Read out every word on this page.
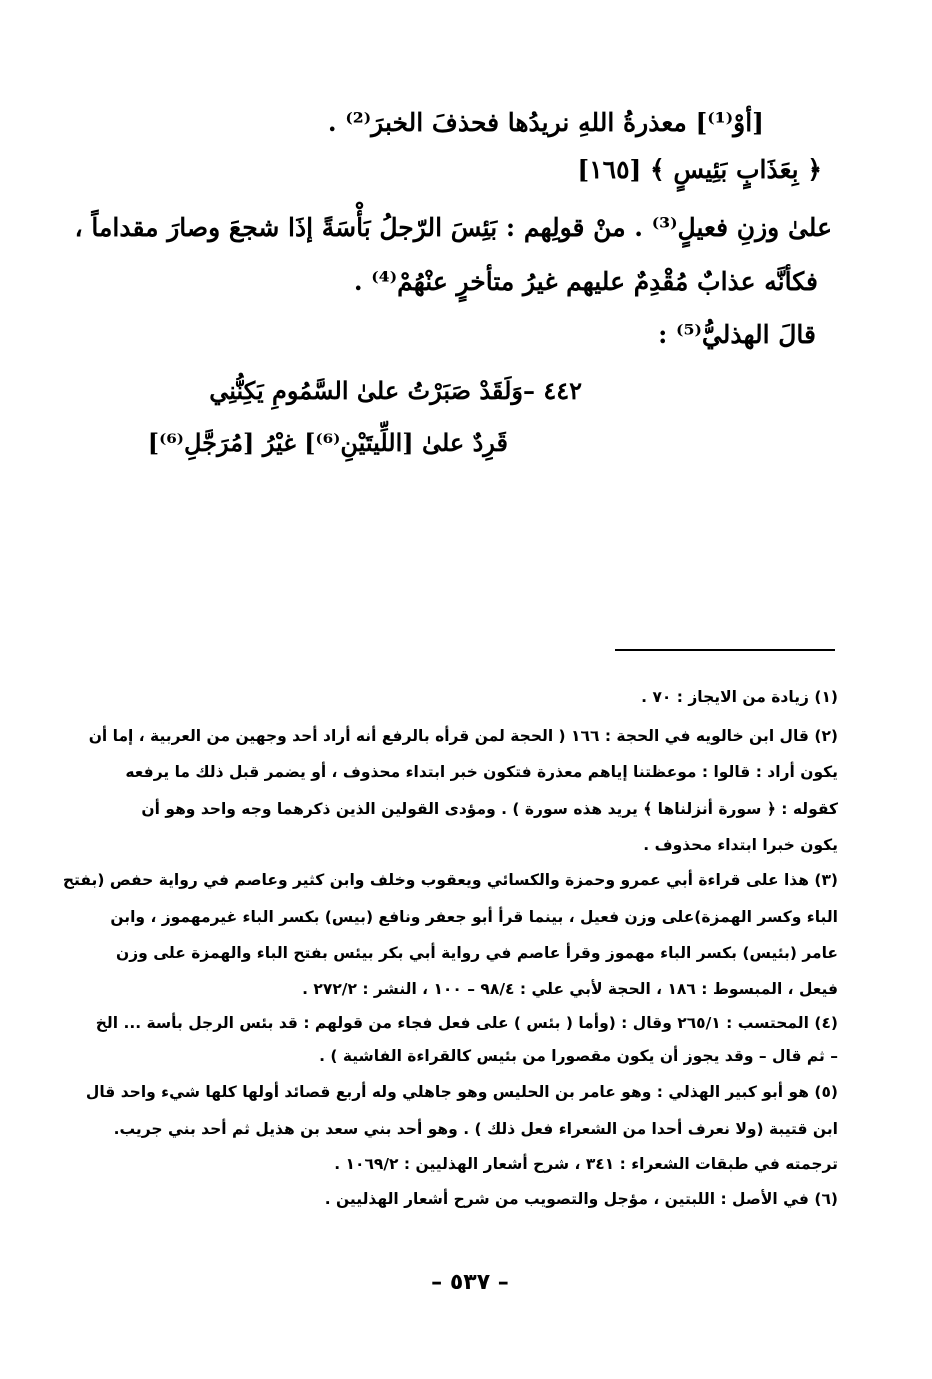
[أوْ⁽¹⁾] معذرةُ اللهِ نريدُها فحذفَ الخبرَ⁽²⁾ .
﴿ بِعَذَابٍ بَئِيسٍ ﴾ [١٦٥]
علىٰ وزنِ فعيلٍ⁽³⁾ . منْ قولِهم : بَئِسَ الرّجلُ بَأْسَةً إذَا شجعَ وصارَ مقداماً ،
فكأنَّه عذابٌ مُقْدِمٌ عليهم غيرُ متأخرٍ عنْهُمْ⁽⁴⁾ .
قالَ الهذليُّ⁽⁵⁾ :
٤٤٢ –وَلَقَدْ صَبَرْتُ علىٰ السَّمُومِ يَكِنُّنِي
قَرِدٌ علىٰ [اللِّيتَيْنِ⁽⁶⁾] غيْرُ [مُرَجَّلِ⁽⁶⁾]
(١) زيادة من الايجاز : ٧٠ .
(٢) قال ابن خالويه في الحجة : ١٦٦ ( الحجة لمن قرأه بالرفع أنه أراد أحد وجهين من العربية ، إما أن
يكون أراد : قالوا : موعظتنا إياهم معذرة فتكون خبر ابتداء محذوف ، أو يضمر قبل ذلك ما يرفعه
كقوله : ﴿ سورة أنزلناها ﴾ يريد هذه سورة ) . ومؤدى القولين الذين ذكرهما وجه واحد وهو أن
يكون خبرا ابتداء محذوف .
(٣) هذا على قراءة أبي عمرو وحمزة والكسائي ويعقوب وخلف وابن كثير وعاصم في رواية حفص (بفتح
الباء وكسر الهمزة)على وزن فعيل ، بينما قرأ أبو جعفر ونافع (بيس) بكسر الباء غيرمهموز ، وابن
عامر (بئيس) بكسر الباء مهموز وقرأ عاصم في رواية أبي بكر بيئس بفتح الباء والهمزة على وزن
فيعل ، المبسوط : ١٨٦ ، الحجة لأبي علي : ٩٨/٤ – ١٠٠ ، النشر : ٢٧٢/٢ .
(٤) المحتسب : ٢٦٥/١ وقال : (وأما ( بئس ) على فعل فجاء من قولهم : قد بئس الرجل بأسة ... الخ
– ثم قال – وقد يجوز أن يكون مقصورا من بئيس كالقراءة الفاشية ) .
(٥) هو أبو كبير الهذلي : وهو عامر بن الحليس وهو جاهلي وله أربع قصائد أولها كلها شيء واحد قال
ابن قتيبة (ولا نعرف أحدا من الشعراء فعل ذلك ) . وهو أحد بني سعد بن هذيل ثم أحد بني جريب.
ترجمته في طبقات الشعراء : ٣٤١ ، شرح أشعار الهذليين : ١٠٦٩/٢ .
(٦) في الأصل : اللبتين ، مؤجل والتصويب من شرح أشعار الهذليين .
– ٥٣٧ –
